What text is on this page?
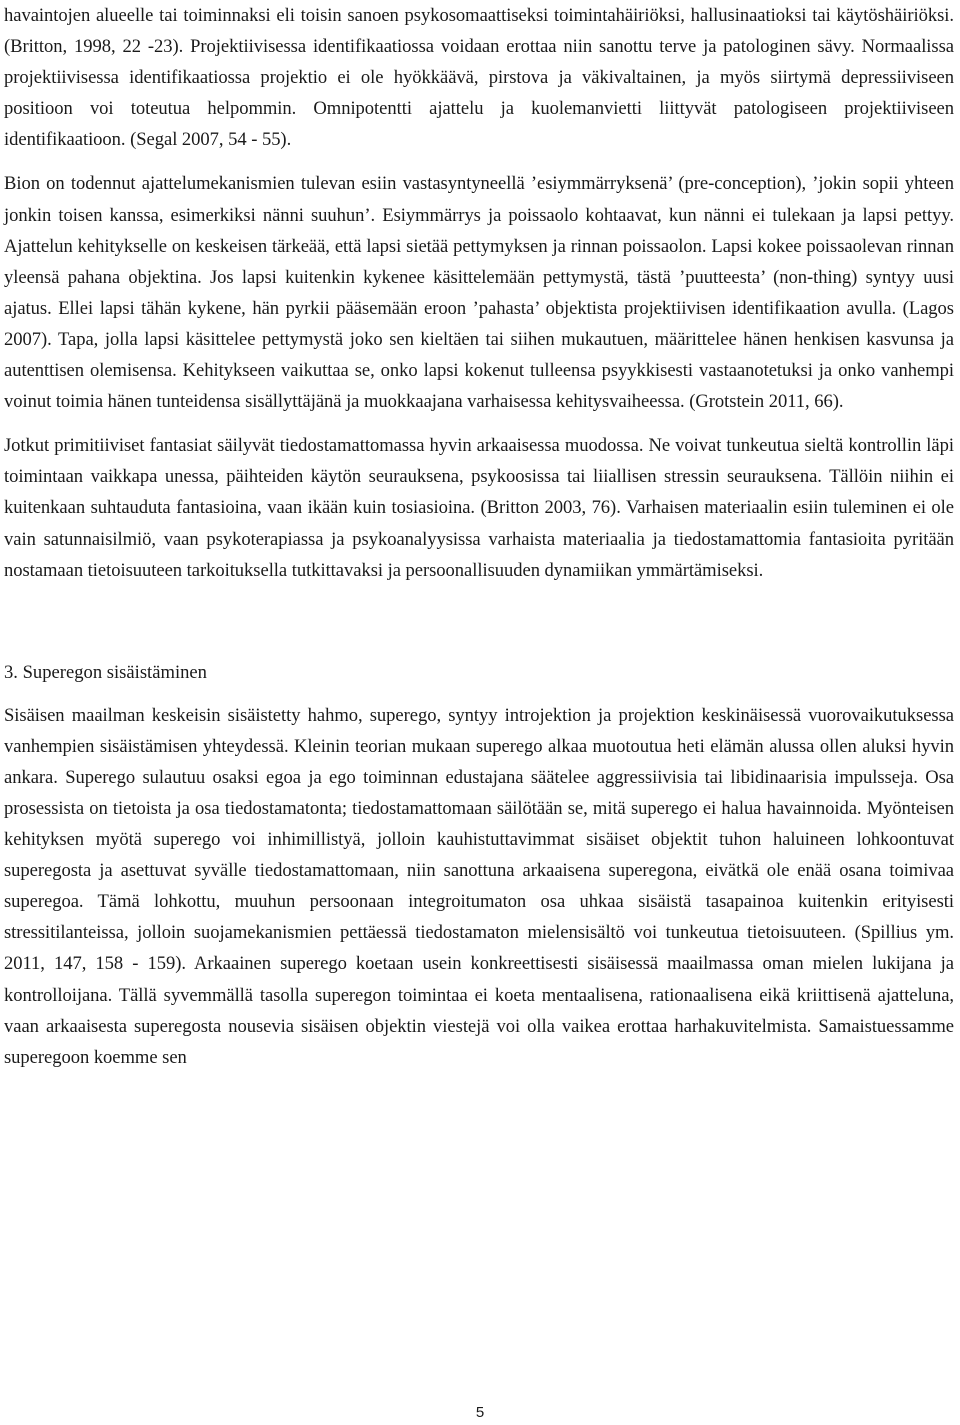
havaintojen alueelle tai toiminnaksi eli toisin sanoen psykosomaattiseksi toimintahäiriöksi, hallusinaatioksi tai käytöshäiriöksi. (Britton, 1998, 22 -23). Projektiivisessa identifikaatiossa voidaan erottaa niin sanottu terve ja patologinen sävy. Normaalissa projektiivisessa identifikaatiossa projektio ei ole hyökkäävä, pirstova ja väkivaltainen, ja myös siirtymä depressiiviseen positioon voi toteutua helpommin. Omnipotentti ajattelu ja kuolemanvietti liittyvät patologiseen projektiiviseen identifikaatioon. (Segal 2007, 54 - 55).

Bion on todennut ajattelumekanismien tulevan esiin vastasyntyneellä ’esiymmärryksenä’ (pre-conception), ’jokin sopii yhteen jonkin toisen kanssa, esimerkiksi nänni suuhun’. Esiymmärrys ja poissaolo kohtaavat, kun nänni ei tulekaan ja lapsi pettyy. Ajattelun kehitykselle on keskeisen tärkeää, että lapsi sietää pettymyksen ja rinnan poissaolon. Lapsi kokee poissaolevan rinnan yleensä pahana objektina. Jos lapsi kuitenkin kykenee käsittelemään pettymystä, tästä ’puutteesta’ (non-thing) syntyy uusi ajatus. Ellei lapsi tähän kykene, hän pyrkii pääsemään eroon ’pahasta’ objektista projektiivisen identifikaation avulla. (Lagos 2007). Tapa, jolla lapsi käsittelee pettymystä joko sen kieltäen tai siihen mukautuen, määrittelee hänen henkisen kasvunsa ja autenttisen olemisensa. Kehitykseen vaikuttaa se, onko lapsi kokenut tulleensa psyykkisesti vastaanotetuksi ja onko vanhempi voinut toimia hänen tunteidensa sisällyttäjänä ja muokkaajana varhaisessa kehitysvaiheessa. (Grotstein 2011, 66).

Jotkut primitiiviset fantasiat säilyvät tiedostamattomassa hyvin arkaaisessa muodossa. Ne voivat tunkeutua sieltä kontrollin läpi toimintaan vaikkapa unessa, päihteiden käytön seurauksena, psykoosissa tai liiallisen stressin seurauksena. Tällöin niihin ei kuitenkaan suhtauduta fantasioina, vaan ikään kuin tosiasioina. (Britton 2003, 76). Varhaisen materiaalin esiin tuleminen ei ole vain satunnaisilmiö, vaan psykoterapiassa ja psykoanalyysissa varhaista materiaalia ja tiedostamattomia fantasioita pyritään nostamaan tietoisuuteen tarkoituksella tutkittavaksi ja persoonallisuuden dynamiikan ymmärtämiseksi.

3. Superegon sisäistäminen

Sisäisen maailman keskeisin sisäistetty hahmo, superego, syntyy introjektion ja projektion keskinäisessä vuorovaikutuksessa vanhempien sisäistämisen yhteydessä. Kleinin teorian mukaan superego alkaa muotoutua heti elämän alussa ollen aluksi hyvin ankara. Superego sulautuu osaksi egoa ja ego toiminnan edustajana säätelee aggressiivisia tai libidinaarisia impulsseja. Osa prosessista on tietoista ja osa tiedostamatonta; tiedostamattomaan säilötään se, mitä superego ei halua havainnoida. Myönteisen kehityksen myötä superego voi inhimillistyä, jolloin kauhistuttavimmat sisäiset objektit tuhon haluineen lohkoontuvat superegosta ja asettuvat syvälle tiedostamattomaan, niin sanottuna arkaaisena superegona, eivätkä ole enää osana toimivaa superegoa. Tämä lohkottu, muuhun persoonaan integroitumaton osa uhkaa sisäistä tasapainoa kuitenkin erityisesti stressitilanteissa, jolloin suojamekanismien pettäessä tiedostamaton mielensisältö voi tunkeutua tietoisuuteen. (Spillius ym. 2011, 147, 158 - 159). Arkaainen superego koetaan usein konkreettisesti sisäisessä maailmassa oman mielen lukijana ja kontrolloijana. Tällä syvemmällä tasolla superegon toimintaa ei koeta mentaalisena, rationaalisena eikä kriittisenä ajatteluna, vaan arkaaisesta superegosta nousevia sisäisen objektin viestejä voi olla vaikea erottaa harhakuvitelmista. Samaistuessamme superegoon koemme sen

5
